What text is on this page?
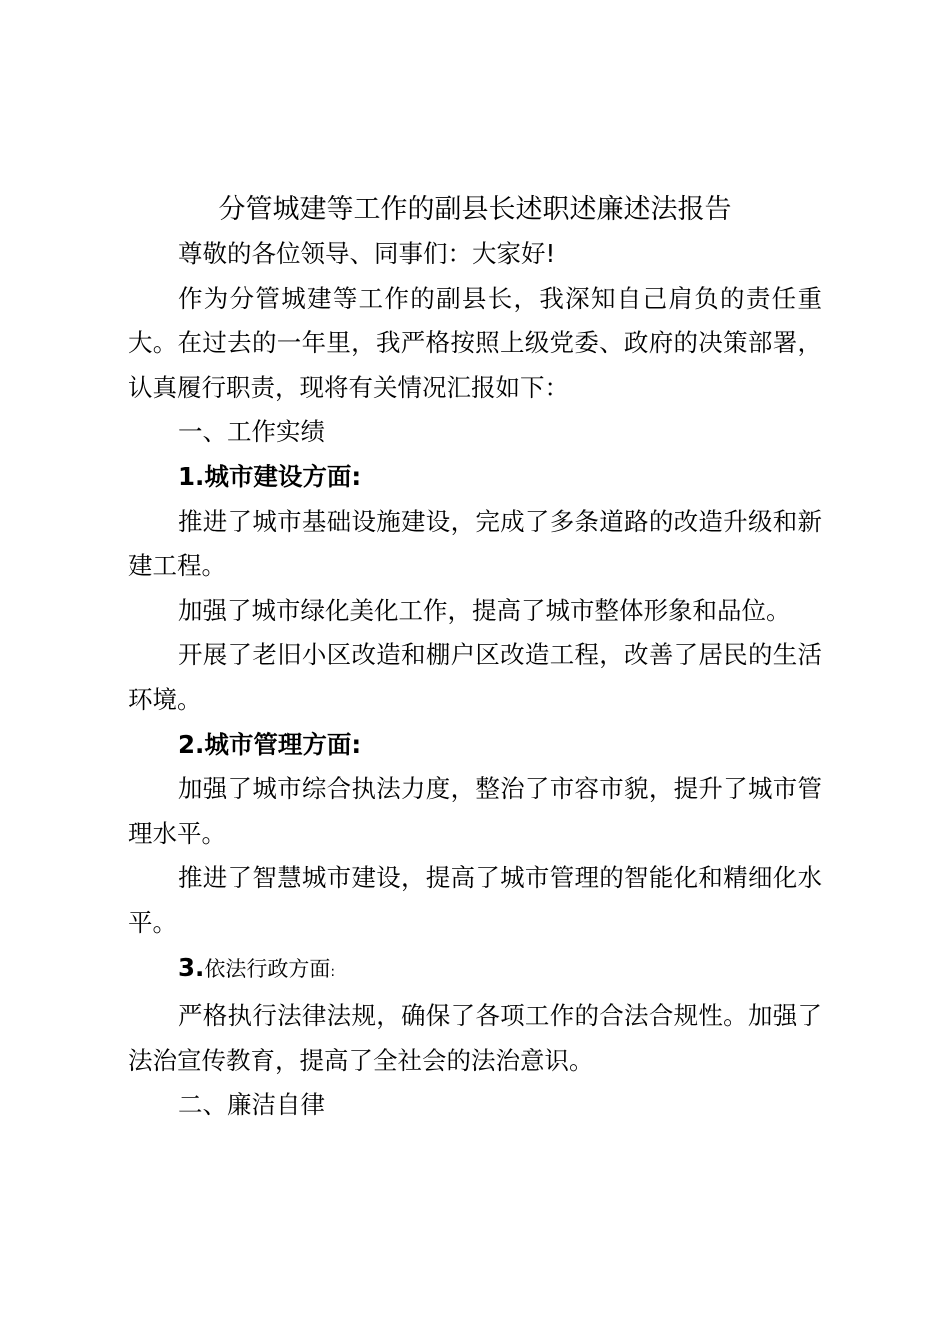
分管城建等工作的副县长述职述廉述法报告

尊敬的各位领导、同事们：大家好!

作为分管城建等工作的副县长，我深知自己肩负的责任重大。在过去的一年里，我严格按照上级党委、政府的决策部署，认真履行职责，现将有关情况汇报如下：

一、工作实绩

1.城市建设方面:

推进了城市基础设施建设，完成了多条道路的改造升级和新建工程。

加强了城市绿化美化工作，提高了城市整体形象和品位。

开展了老旧小区改造和棚户区改造工程，改善了居民的生活环境。

2.城市管理方面:

加强了城市综合执法力度，整治了市容市貌，提升了城市管理水平。

推进了智慧城市建设，提高了城市管理的智能化和精细化水平。

3.依法行政方面:

严格执行法律法规，确保了各项工作的合法合规性。加强了法治宣传教育，提高了全社会的法治意识。

二、廉洁自律
